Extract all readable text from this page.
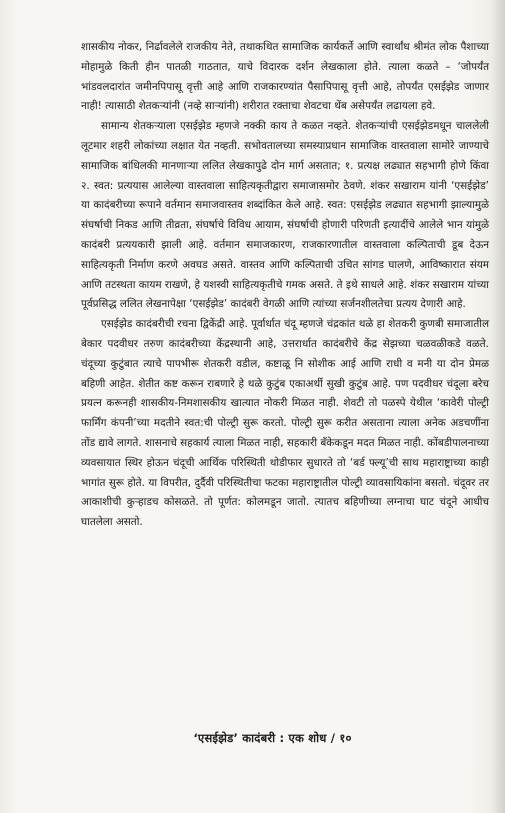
शासकीय नोकर, निर्ढावलेले राजकीय नेते, तथाकथित सामाजिक कार्यकर्ते आणि स्वार्थांध श्रीमंत लोक पैशाच्या मोहामुळे किती हीन पातळी गाठतात, याचे विदारक दर्शन लेखकाला होते. त्याला कळते – ‘जोपर्यंत भांडवलदारांत जमीनपिपासू वृत्ती आहे आणि राजकारण्यांत पैसापिपासू वृत्ती आहे, तोपर्यंत एसईझेड जाणार नाही! त्यासाठी शेतकऱ्यांनी (नव्हे साऱ्यांनी) शरीरात रक्ताचा शेवटचा थेंब असेपर्यंत लढायला हवे.

सामान्य शेतकऱ्याला एसईझेड म्हणजे नक्की काय ते कळत नव्हते. शेतकऱ्यांची एसईझेडमधून चाललेली लूटमार शहरी लोकांच्या लक्षात येत नव्हती. सभोवतालच्या समस्याप्रधान सामाजिक वास्तवाला सामोरे जाण्याचे सामाजिक बांधिलकी मानणाऱ्या ललित लेखकापुढे दोन मार्ग असतात; १. प्रत्यक्ष लढ्यात सहभागी होणे किंवा २. स्वत: प्रत्ययास आलेल्या वास्तवाला साहित्यकृतीद्वारा समाजासमोर ठेवणे. शंकर सखाराम यांनी ‘एसईझेड’ या कादंबरीच्या रूपाने वर्तमान समाजवास्तव शब्दांकित केले आहे. स्वत: एसईझेड लढ्यात सहभागी झाल्यामुळे संघर्षाची निकड आणि तीव्रता, संघर्षाचे विविध आयाम, संघर्षाची होणारी परिणती इत्यादींचे आलेले भान यांमुळे कादंबरी प्रत्ययकारी झाली आहे. वर्तमान समाजकारण, राजकारणातील वास्तवाला कल्पिताची डूब देऊन साहित्यकृती निर्माण करणे अवघड असते. वास्तव आणि कल्पिताची उचित सांगड घालणे, आविष्कारात संयम आणि तटस्थता कायम राखणे, हे यशस्वी साहित्यकृतीचे गमक असते. ते इथे साधले आहे. शंकर सखाराम यांच्या पूर्वप्रसिद्ध ललित लेखनापेक्षा ‘एसईझेड’ कादंबरी वेगळी आणि त्यांच्या सर्जनशीलतेचा प्रत्यय देणारी आहे.

एसईझेड कादंबरीची रचना द्विकेंद्री आहे. पूर्वार्धात चंदू म्हणजे चंद्रकांत थळे हा शेतकरी कुणबी समाजातील बेकार पदवीधर तरुण कादंबरीच्या केंद्रस्थानी आहे, उत्तरार्धात कादंबरीचे केंद्र सेझच्या चळवळीकडे वळते. चंदूच्या कुटुंबात त्याचे पापभीरू शेतकरी वडील, कष्टाळू नि सोशीक आई आणि राधी व मनी या दोन प्रेमळ बहिणी आहेत. शेतीत कष्ट करून राबणारे हे थळे कुटुंब एकाअर्थी सुखी कुटुंब आहे. पण पदवीधर चंदूला बरेच प्रयत्न करूनही शासकीय-निमशासकीय खात्यात नोकरी मिळत नाही. शेवटी तो पळस्पे येथील ‘कावेरी पोल्ट्री फार्मिंग कंपनी’च्या मदतीने स्वत:ची पोल्ट्री सुरू करतो. पोल्ट्री सुरू करीत असताना त्याला अनेक अडचणींना तोंड द्यावे लागते. शासनाचे सहकार्य त्याला मिळत नाही, सहकारी बँकेकडून मदत मिळत नाही. कोंबडीपालनाच्या व्यवसायात स्थिर होऊन चंदूची आर्थिक परिस्थिती थोडीफार सुधारते तो ‘बर्ड फ्ल्यू’ची साथ महाराष्ट्राच्या काही भागांत सुरू होते. या विपरीत, दुर्दैवी परिस्थितीचा फटका महाराष्ट्रातील पोल्ट्री व्यावसायिकांना बसतो. चंदूवर तर आकाशीची कुऱ्हाडच कोसळते. तो पूर्णत: कोलमडून जातो. त्यातच बहिणीच्या लग्नाचा घाट चंदूने आधीच घातलेला असतो.

‘एसईझेड’ कादंबरी : एक शोध / १०
